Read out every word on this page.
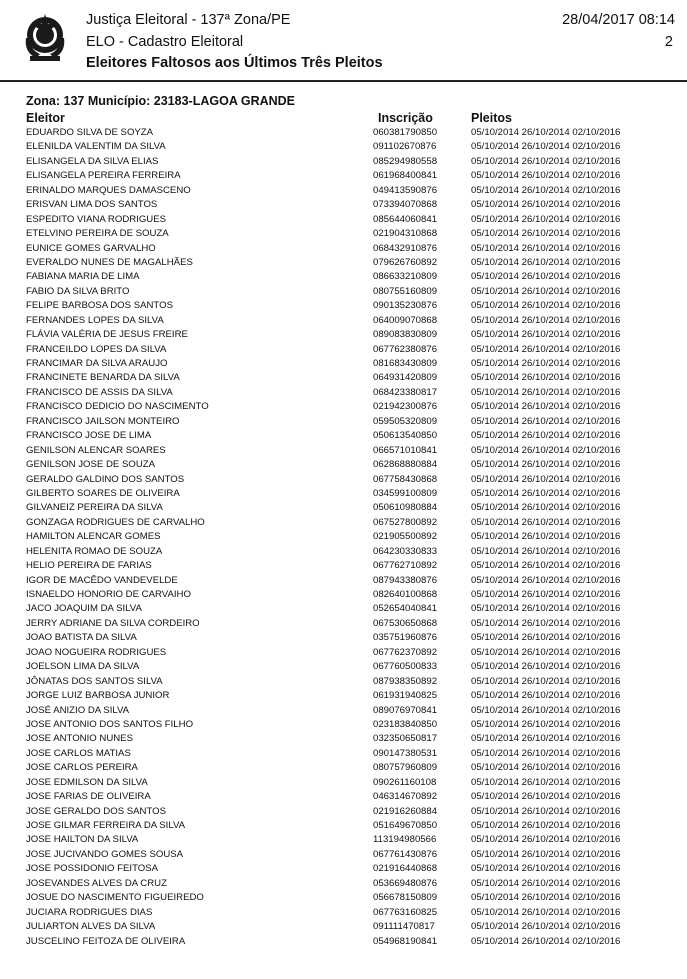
Justiça Eleitoral - 137ª Zona/PE
ELO - Cadastro Eleitoral
Eleitores Faltosos aos Últimos Três Pleitos
28/04/2017 08:14
2
Zona: 137 Município: 23183-LAGOA GRANDE
Eleitor	Inscrição	Pleitos
EDUARDO SILVA DE SOYZA	060381790850	05/10/2014 26/10/2014 02/10/2016
ELENILDA VALENTIM DA SILVA	091102670876	05/10/2014 26/10/2014 02/10/2016
ELISANGELA DA SILVA ELIAS	085294980558	05/10/2014 26/10/2014 02/10/2016
ELISANGELA PEREIRA FERREIRA	061968400841	05/10/2014 26/10/2014 02/10/2016
ERINALDO MARQUES DAMASCENO	049413590876	05/10/2014 26/10/2014 02/10/2016
ERISVAN LIMA DOS SANTOS	073394070868	05/10/2014 26/10/2014 02/10/2016
ESPEDITO VIANA RODRIGUES	085644060841	05/10/2014 26/10/2014 02/10/2016
ETELVINO PEREIRA DE SOUZA	021904310868	05/10/2014 26/10/2014 02/10/2016
EUNICE GOMES GARVALHO	068432910876	05/10/2014 26/10/2014 02/10/2016
EVERALDO NUNES DE MAGALHÃES	079626760892	05/10/2014 26/10/2014 02/10/2016
FABIANA MARIA DE LIMA	086633210809	05/10/2014 26/10/2014 02/10/2016
FABIO DA SILVA BRITO	080755160809	05/10/2014 26/10/2014 02/10/2016
FELIPE BARBOSA DOS SANTOS	090135230876	05/10/2014 26/10/2014 02/10/2016
FERNANDES LOPES DA SILVA	064009070868	05/10/2014 26/10/2014 02/10/2016
FLÁVIA VALÉRIA DE JESUS FREIRE	089083830809	05/10/2014 26/10/2014 02/10/2016
FRANCEILDO LOPES DA SILVA	067762380876	05/10/2014 26/10/2014 02/10/2016
FRANCIMAR DA SILVA ARAUJO	081683430809	05/10/2014 26/10/2014 02/10/2016
FRANCINETE BENARDA DA SILVA	064931420809	05/10/2014 26/10/2014 02/10/2016
FRANCISCO DE ASSIS DA SILVA	068423380817	05/10/2014 26/10/2014 02/10/2016
FRANCISCO DEDICIO DO NASCIMENTO	021942300876	05/10/2014 26/10/2014 02/10/2016
FRANCISCO JAILSON MONTEIRO	059505320809	05/10/2014 26/10/2014 02/10/2016
FRANCISCO JOSE DE LIMA	050613540850	05/10/2014 26/10/2014 02/10/2016
GENILSON ALENCAR SOARES	066571010841	05/10/2014 26/10/2014 02/10/2016
GENILSON JOSE DE SOUZA	062868880884	05/10/2014 26/10/2014 02/10/2016
GERALDO GALDINO DOS SANTOS	067758430868	05/10/2014 26/10/2014 02/10/2016
GILBERTO SOARES DE OLIVEIRA	034599100809	05/10/2014 26/10/2014 02/10/2016
GILVANEIZ PEREIRA DA SILVA	050610980884	05/10/2014 26/10/2014 02/10/2016
GONZAGA RODRIGUES DE CARVALHO	067527800892	05/10/2014 26/10/2014 02/10/2016
HAMILTON ALENCAR GOMES	021905500892	05/10/2014 26/10/2014 02/10/2016
HELENITA ROMAO DE SOUZA	064230330833	05/10/2014 26/10/2014 02/10/2016
HELIO PEREIRA DE FARIAS	067762710892	05/10/2014 26/10/2014 02/10/2016
IGOR DE MACÊDO VANDEVELDE	087943380876	05/10/2014 26/10/2014 02/10/2016
ISNAELDO HONORIO DE CARVAIHO	082640100868	05/10/2014 26/10/2014 02/10/2016
JACO JOAQUIM DA SILVA	052654040841	05/10/2014 26/10/2014 02/10/2016
JERRY ADRIANE DA SILVA CORDEIRO	067530650868	05/10/2014 26/10/2014 02/10/2016
JOAO BATISTA DA SILVA	035751960876	05/10/2014 26/10/2014 02/10/2016
JOAO NOGUEIRA RODRIGUES	067762370892	05/10/2014 26/10/2014 02/10/2016
JOELSON LIMA DA SILVA	067760500833	05/10/2014 26/10/2014 02/10/2016
JÔNATAS DOS SANTOS SILVA	087938350892	05/10/2014 26/10/2014 02/10/2016
JORGE LUIZ BARBOSA JUNIOR	061931940825	05/10/2014 26/10/2014 02/10/2016
JOSÉ ANIZIO DA SILVA	089076970841	05/10/2014 26/10/2014 02/10/2016
JOSE ANTONIO DOS SANTOS FILHO	023183840850	05/10/2014 26/10/2014 02/10/2016
JOSE ANTONIO NUNES	032350650817	05/10/2014 26/10/2014 02/10/2016
JOSE CARLOS MATIAS	090147380531	05/10/2014 26/10/2014 02/10/2016
JOSE CARLOS PEREIRA	080757960809	05/10/2014 26/10/2014 02/10/2016
JOSE EDMILSON DA SILVA	090261160108	05/10/2014 26/10/2014 02/10/2016
JOSE FARIAS DE OLIVEIRA	046314670892	05/10/2014 26/10/2014 02/10/2016
JOSE GERALDO DOS SANTOS	021916260884	05/10/2014 26/10/2014 02/10/2016
JOSE GILMAR FERREIRA DA SILVA	051649670850	05/10/2014 26/10/2014 02/10/2016
JOSE HAILTON DA SILVA	113194980566	05/10/2014 26/10/2014 02/10/2016
JOSE JUCIVANDO GOMES SOUSA	067761430876	05/10/2014 26/10/2014 02/10/2016
JOSE POSSIDONIO FEITOSA	021916440868	05/10/2014 26/10/2014 02/10/2016
JOSEVANDES ALVES DA CRUZ	053669480876	05/10/2014 26/10/2014 02/10/2016
JOSUE DO NASCIMENTO FIGUEIREDO	056678150809	05/10/2014 26/10/2014 02/10/2016
JUCIARA RODRIGUES DIAS	067763160825	05/10/2014 26/10/2014 02/10/2016
JULIARTON ALVES DA SILVA	091111470817	05/10/2014 26/10/2014 02/10/2016
JUSCELINO FEITOZA DE OLIVEIRA	054968190841	05/10/2014 26/10/2014 02/10/2016
